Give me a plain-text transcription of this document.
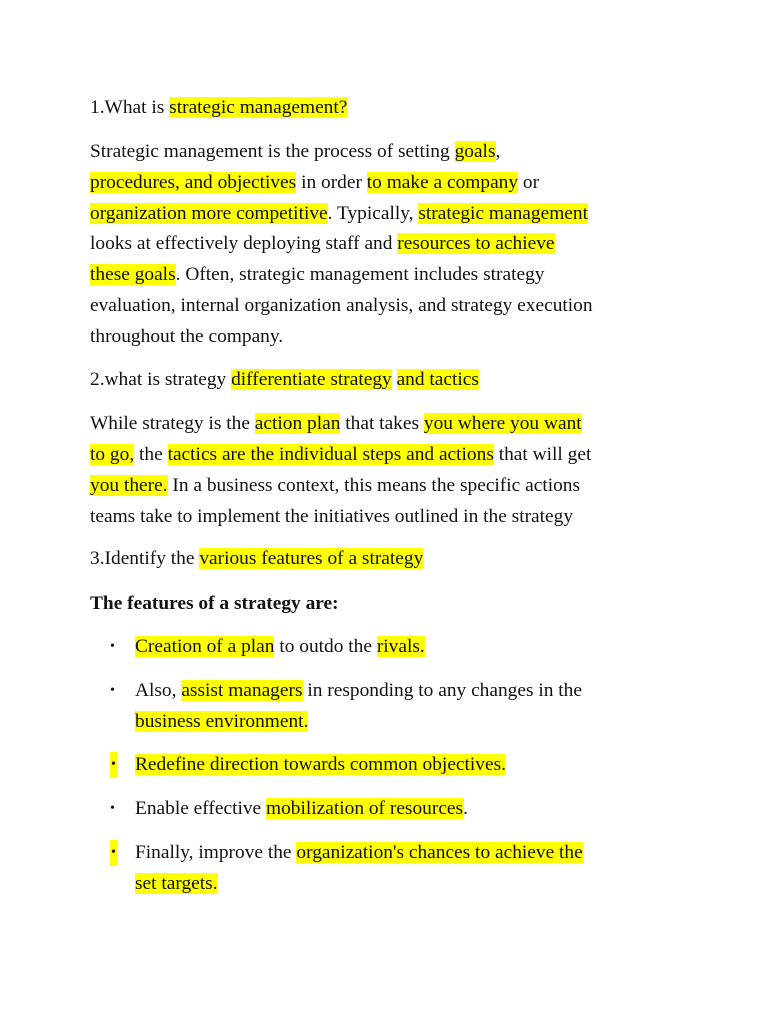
1.What is strategic management?
Strategic management is the process of setting goals,
procedures, and objectives in order to make a company or
organization more competitive. Typically, strategic management
looks at effectively deploying staff and resources to achieve
these goals. Often, strategic management includes strategy
evaluation, internal organization analysis, and strategy execution
throughout the company.
2.what is strategy differentiate strategy and tactics
While strategy is the action plan that takes you where you want
to go, the tactics are the individual steps and actions that will get
you there. In a business context, this means the specific actions
teams take to implement the initiatives outlined in the strategy
3.Identify the various features of a strategy
The features of a strategy are:
• Creation of a plan to outdo the rivals.
• Also, assist managers in responding to any changes in the
business environment.
• Redefine direction towards common objectives.
• Enable effective mobilization of resources.
• Finally, improve the organization's chances to achieve the
set targets.
